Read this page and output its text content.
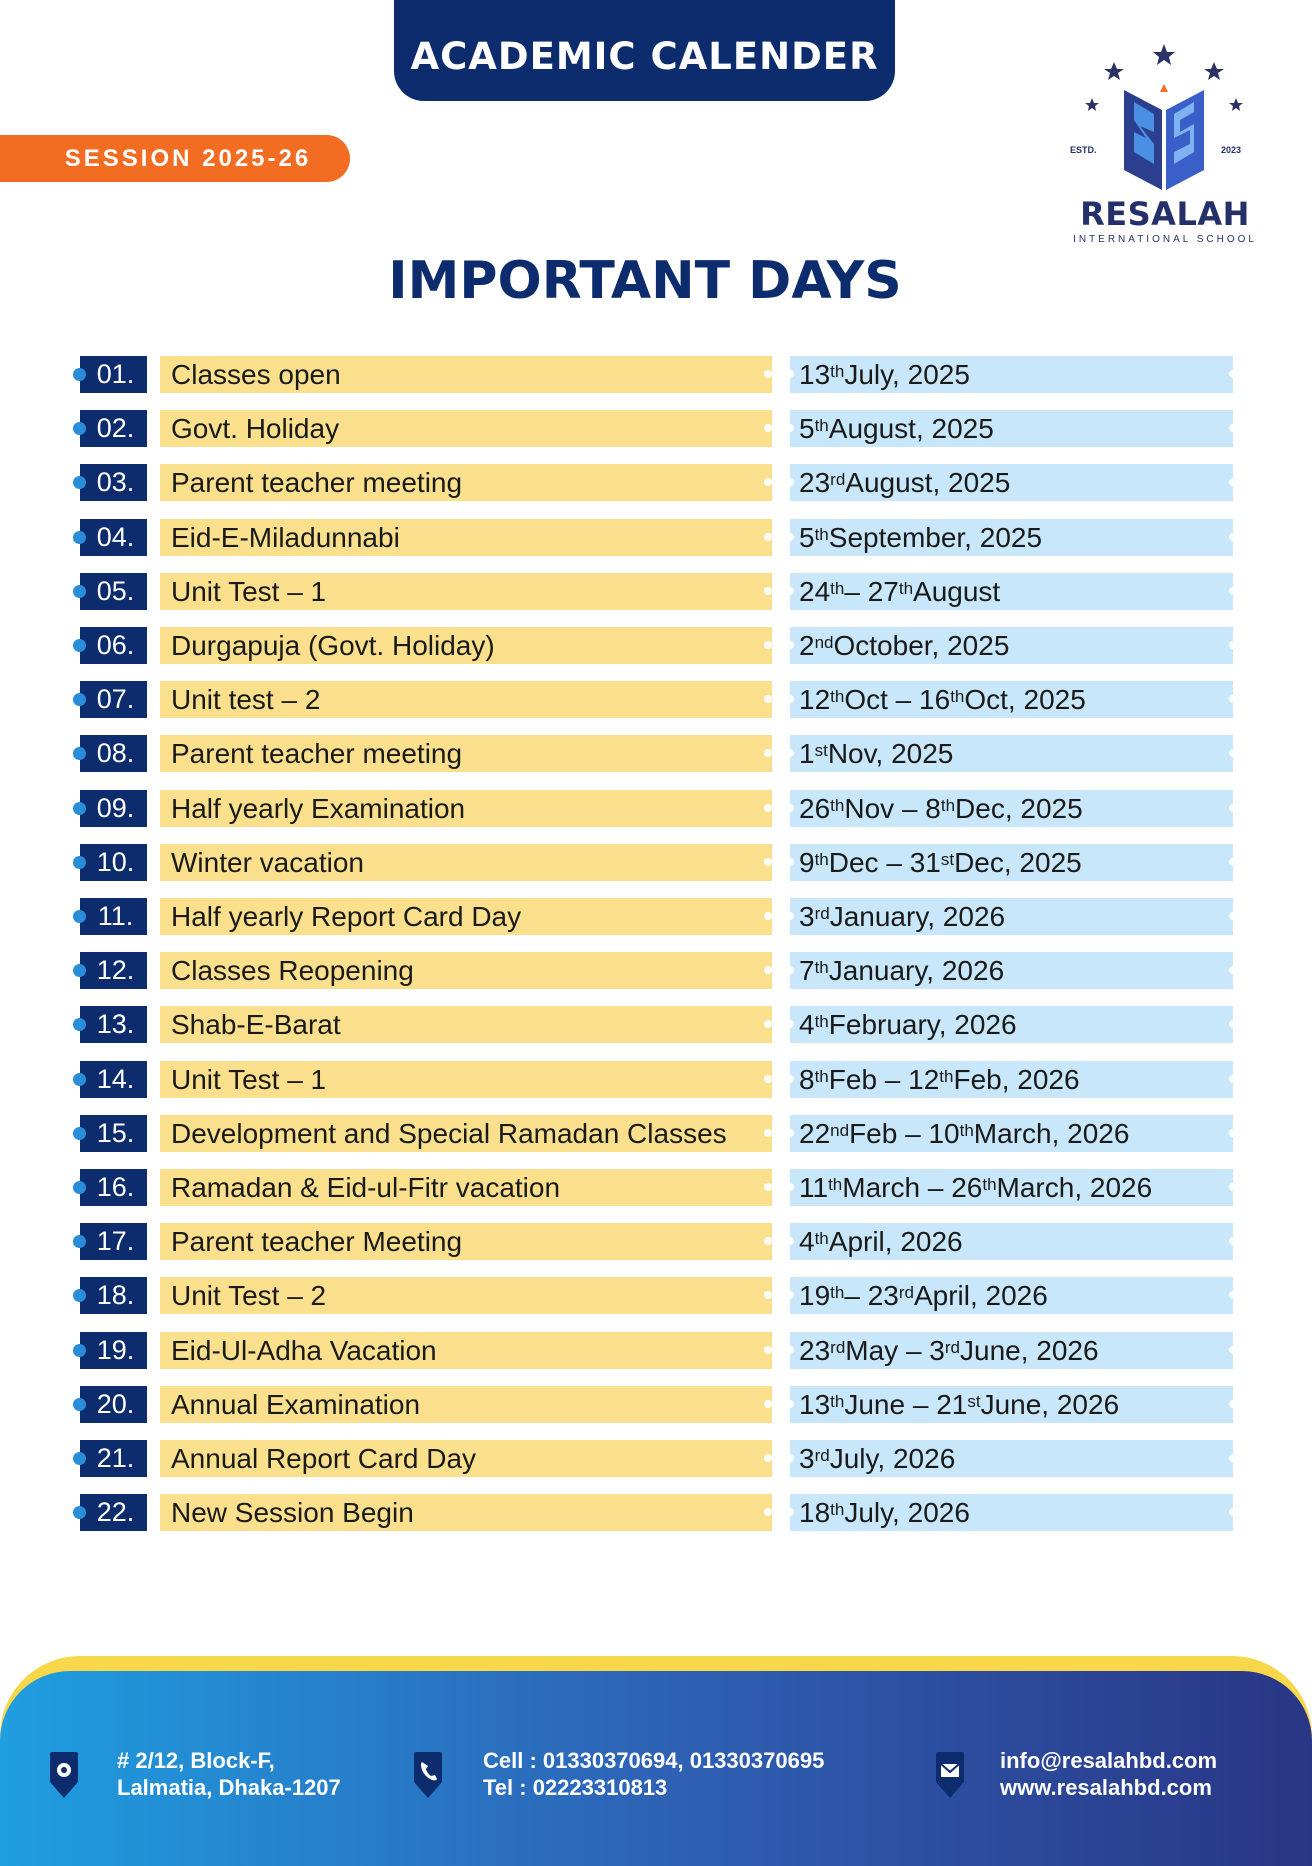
ACADEMIC CALENDER
SESSION 2025-26	ESTD.	2023
RESALAH
INTERNATIONAL SCHOOL
IMPORTANT DAYS
01.	Classes open	13th July, 2025
02.	Govt. Holiday	5th August, 2025
03.	Parent teacher meeting	23rd August, 2025
04.	Eid-E-Miladunnabi	5th September, 2025
05.	Unit Test – 1	24th – 27th August
06.	Durgapuja (Govt. Holiday)	2nd October, 2025
07.	Unit test – 2	12th Oct – 16th Oct, 2025
08.	Parent teacher meeting	1st Nov, 2025
09.	Half yearly Examination	26th Nov – 8th Dec, 2025
10.	Winter vacation	9th Dec – 31st Dec, 2025
11.	Half yearly Report Card Day	3rd January, 2026
12.	Classes Reopening	7th January, 2026
13.	Shab-E-Barat	4th February, 2026
14.	Unit Test – 1	8th Feb – 12th Feb, 2026
15.	Development and Special Ramadan Classes	22nd Feb – 10th March, 2026
16.	Ramadan & Eid-ul-Fitr vacation	11th March – 26th March, 2026
17.	Parent teacher Meeting	4th April, 2026
18.	Unit Test – 2	19th – 23rd April, 2026
19.	Eid-Ul-Adha Vacation	23rd May – 3rd June, 2026
20.	Annual Examination	13th June – 21st June, 2026
21.	Annual Report Card Day	3rd July, 2026
22.	New Session Begin	18th July, 2026
# 2/12, Block-F,
Lalmatia, Dhaka-1207
Cell : 01330370694, 01330370695
Tel : 02223310813
info@resalahbd.com
www.resalahbd.com
